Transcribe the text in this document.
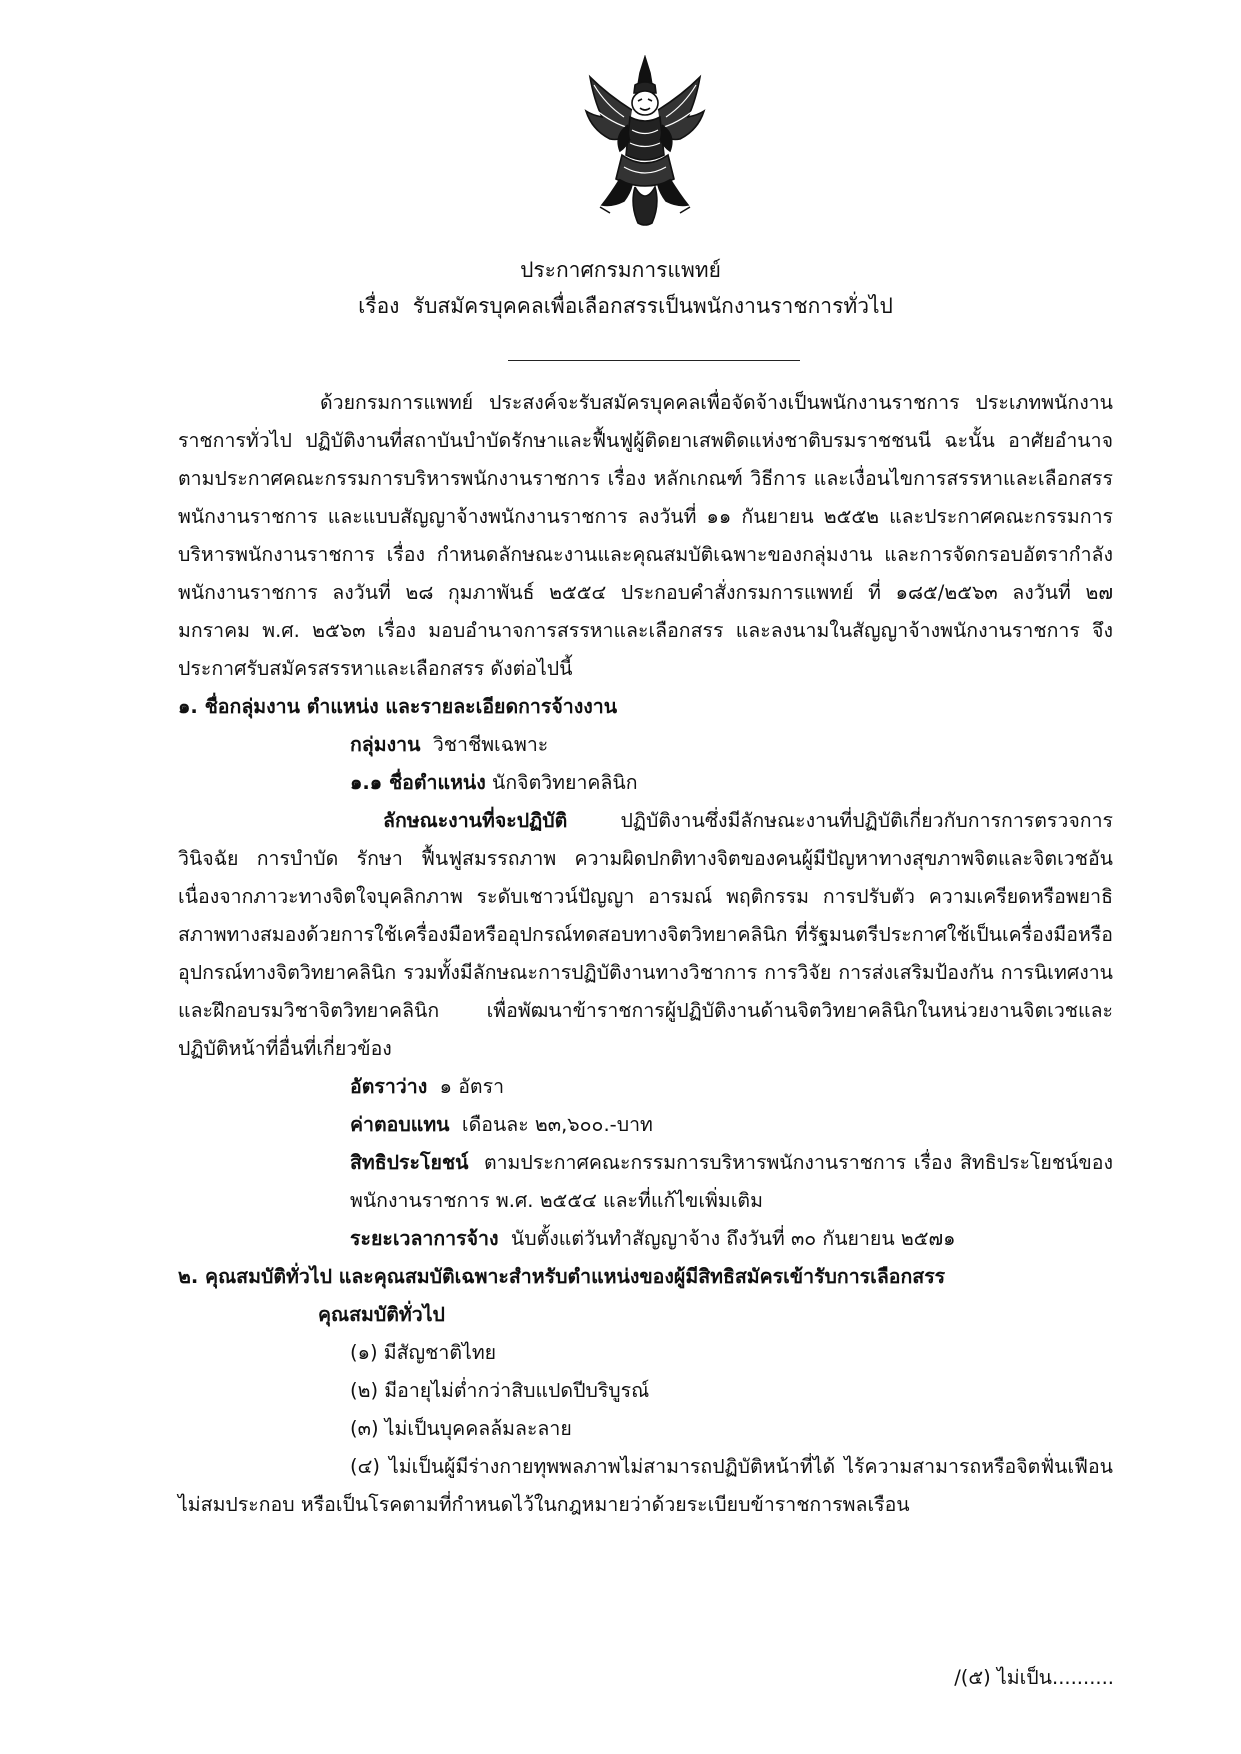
ประกาศกรมการแพทย์
เรื่อง รับสมัครบุคคลเพื่อเลือกสรรเป็นพนักงานราชการทั่วไป

ด้วยกรมการแพทย์ ประสงค์จะรับสมัครบุคคลเพื่อจัดจ้างเป็นพนักงานราชการ ประเภทพนักงานราชการทั่วไป ปฏิบัติงานที่สถาบันบำบัดรักษาและฟื้นฟูผู้ติดยาเสพติดแห่งชาติบรมราชชนนี ฉะนั้น อาศัยอำนาจตามประกาศคณะกรรมการบริหารพนักงานราชการ เรื่อง หลักเกณฑ์ วิธีการ และเงื่อนไขการสรรหาและเลือกสรรพนักงานราชการ และแบบสัญญาจ้างพนักงานราชการ ลงวันที่ ๑๑ กันยายน ๒๕๕๒ และประกาศคณะกรรมการบริหารพนักงานราชการ เรื่อง กำหนดลักษณะงานและคุณสมบัติเฉพาะของกลุ่มงาน และการจัดกรอบอัตรากำลังพนักงานราชการ ลงวันที่ ๒๘ กุมภาพันธ์ ๒๕๕๔ ประกอบคำสั่งกรมการแพทย์ ที่ ๑๘๕/๒๕๖๓ ลงวันที่ ๒๗ มกราคม พ.ศ. ๒๕๖๓ เรื่อง มอบอำนาจการสรรหาและเลือกสรร และลงนามในสัญญาจ้างพนักงานราชการ จึงประกาศรับสมัครสรรหาและเลือกสรร ดังต่อไปนี้

๑. ชื่อกลุ่มงาน ตำแหน่ง และรายละเอียดการจ้างงาน

กลุ่มงาน วิชาชีพเฉพาะ

๑.๑ ชื่อตำแหน่ง นักจิตวิทยาคลินิก

ลักษณะงานที่จะปฏิบัติ	ปฏิบัติงานซึ่งมีลักษณะงานที่ปฏิบัติเกี่ยวกับการการตรวจการวินิจฉัย การบำบัด รักษา ฟื้นฟูสมรรถภาพ ความผิดปกติทางจิตของคนผู้มีปัญหาทางสุขภาพจิตและจิตเวชอันเนื่องจากภาวะทางจิตใจบุคลิกภาพ ระดับเชาวน์ปัญญา อารมณ์ พฤติกรรม การปรับตัว ความเครียดหรือพยาธิสภาพทางสมองด้วยการใช้เครื่องมือหรืออุปกรณ์ทดสอบทางจิตวิทยาคลินิก ที่รัฐมนตรีประกาศใช้เป็นเครื่องมือหรืออุปกรณ์ทางจิตวิทยาคลินิก รวมทั้งมีลักษณะการปฏิบัติงานทางวิชาการ การวิจัย การส่งเสริมป้องกัน การนิเทศงานและฝึกอบรมวิชาจิตวิทยาคลินิก เพื่อพัฒนาข้าราชการผู้ปฏิบัติงานด้านจิตวิทยาคลินิกในหน่วยงานจิตเวชและปฏิบัติหน้าที่อื่นที่เกี่ยวข้อง

อัตราว่าง ๑ อัตรา

ค่าตอบแทน เดือนละ ๒๓,๖๐๐.-บาท

สิทธิประโยชน์ ตามประกาศคณะกรรมการบริหารพนักงานราชการ เรื่อง สิทธิประโยชน์ของพนักงานราชการ พ.ศ. ๒๕๕๔ และที่แก้ไขเพิ่มเติม

ระยะเวลาการจ้าง นับตั้งแต่วันทำสัญญาจ้าง ถึงวันที่ ๓๐ กันยายน ๒๕๗๑

๒. คุณสมบัติทั่วไป และคุณสมบัติเฉพาะสำหรับตำแหน่งของผู้มีสิทธิสมัครเข้ารับการเลือกสรร

คุณสมบัติทั่วไป

(๑) มีสัญชาติไทย

(๒) มีอายุไม่ต่ำกว่าสิบแปดปีบริบูรณ์

(๓) ไม่เป็นบุคคลล้มละลาย

(๔) ไม่เป็นผู้มีร่างกายทุพพลภาพไม่สามารถปฏิบัติหน้าที่ได้ ไร้ความสามารถหรือจิตฟั่นเฟือนไม่สมประกอบ หรือเป็นโรคตามที่กำหนดไว้ในกฎหมายว่าด้วยระเบียบข้าราชการพลเรือน

/(๕) ไม่เป็น..........
